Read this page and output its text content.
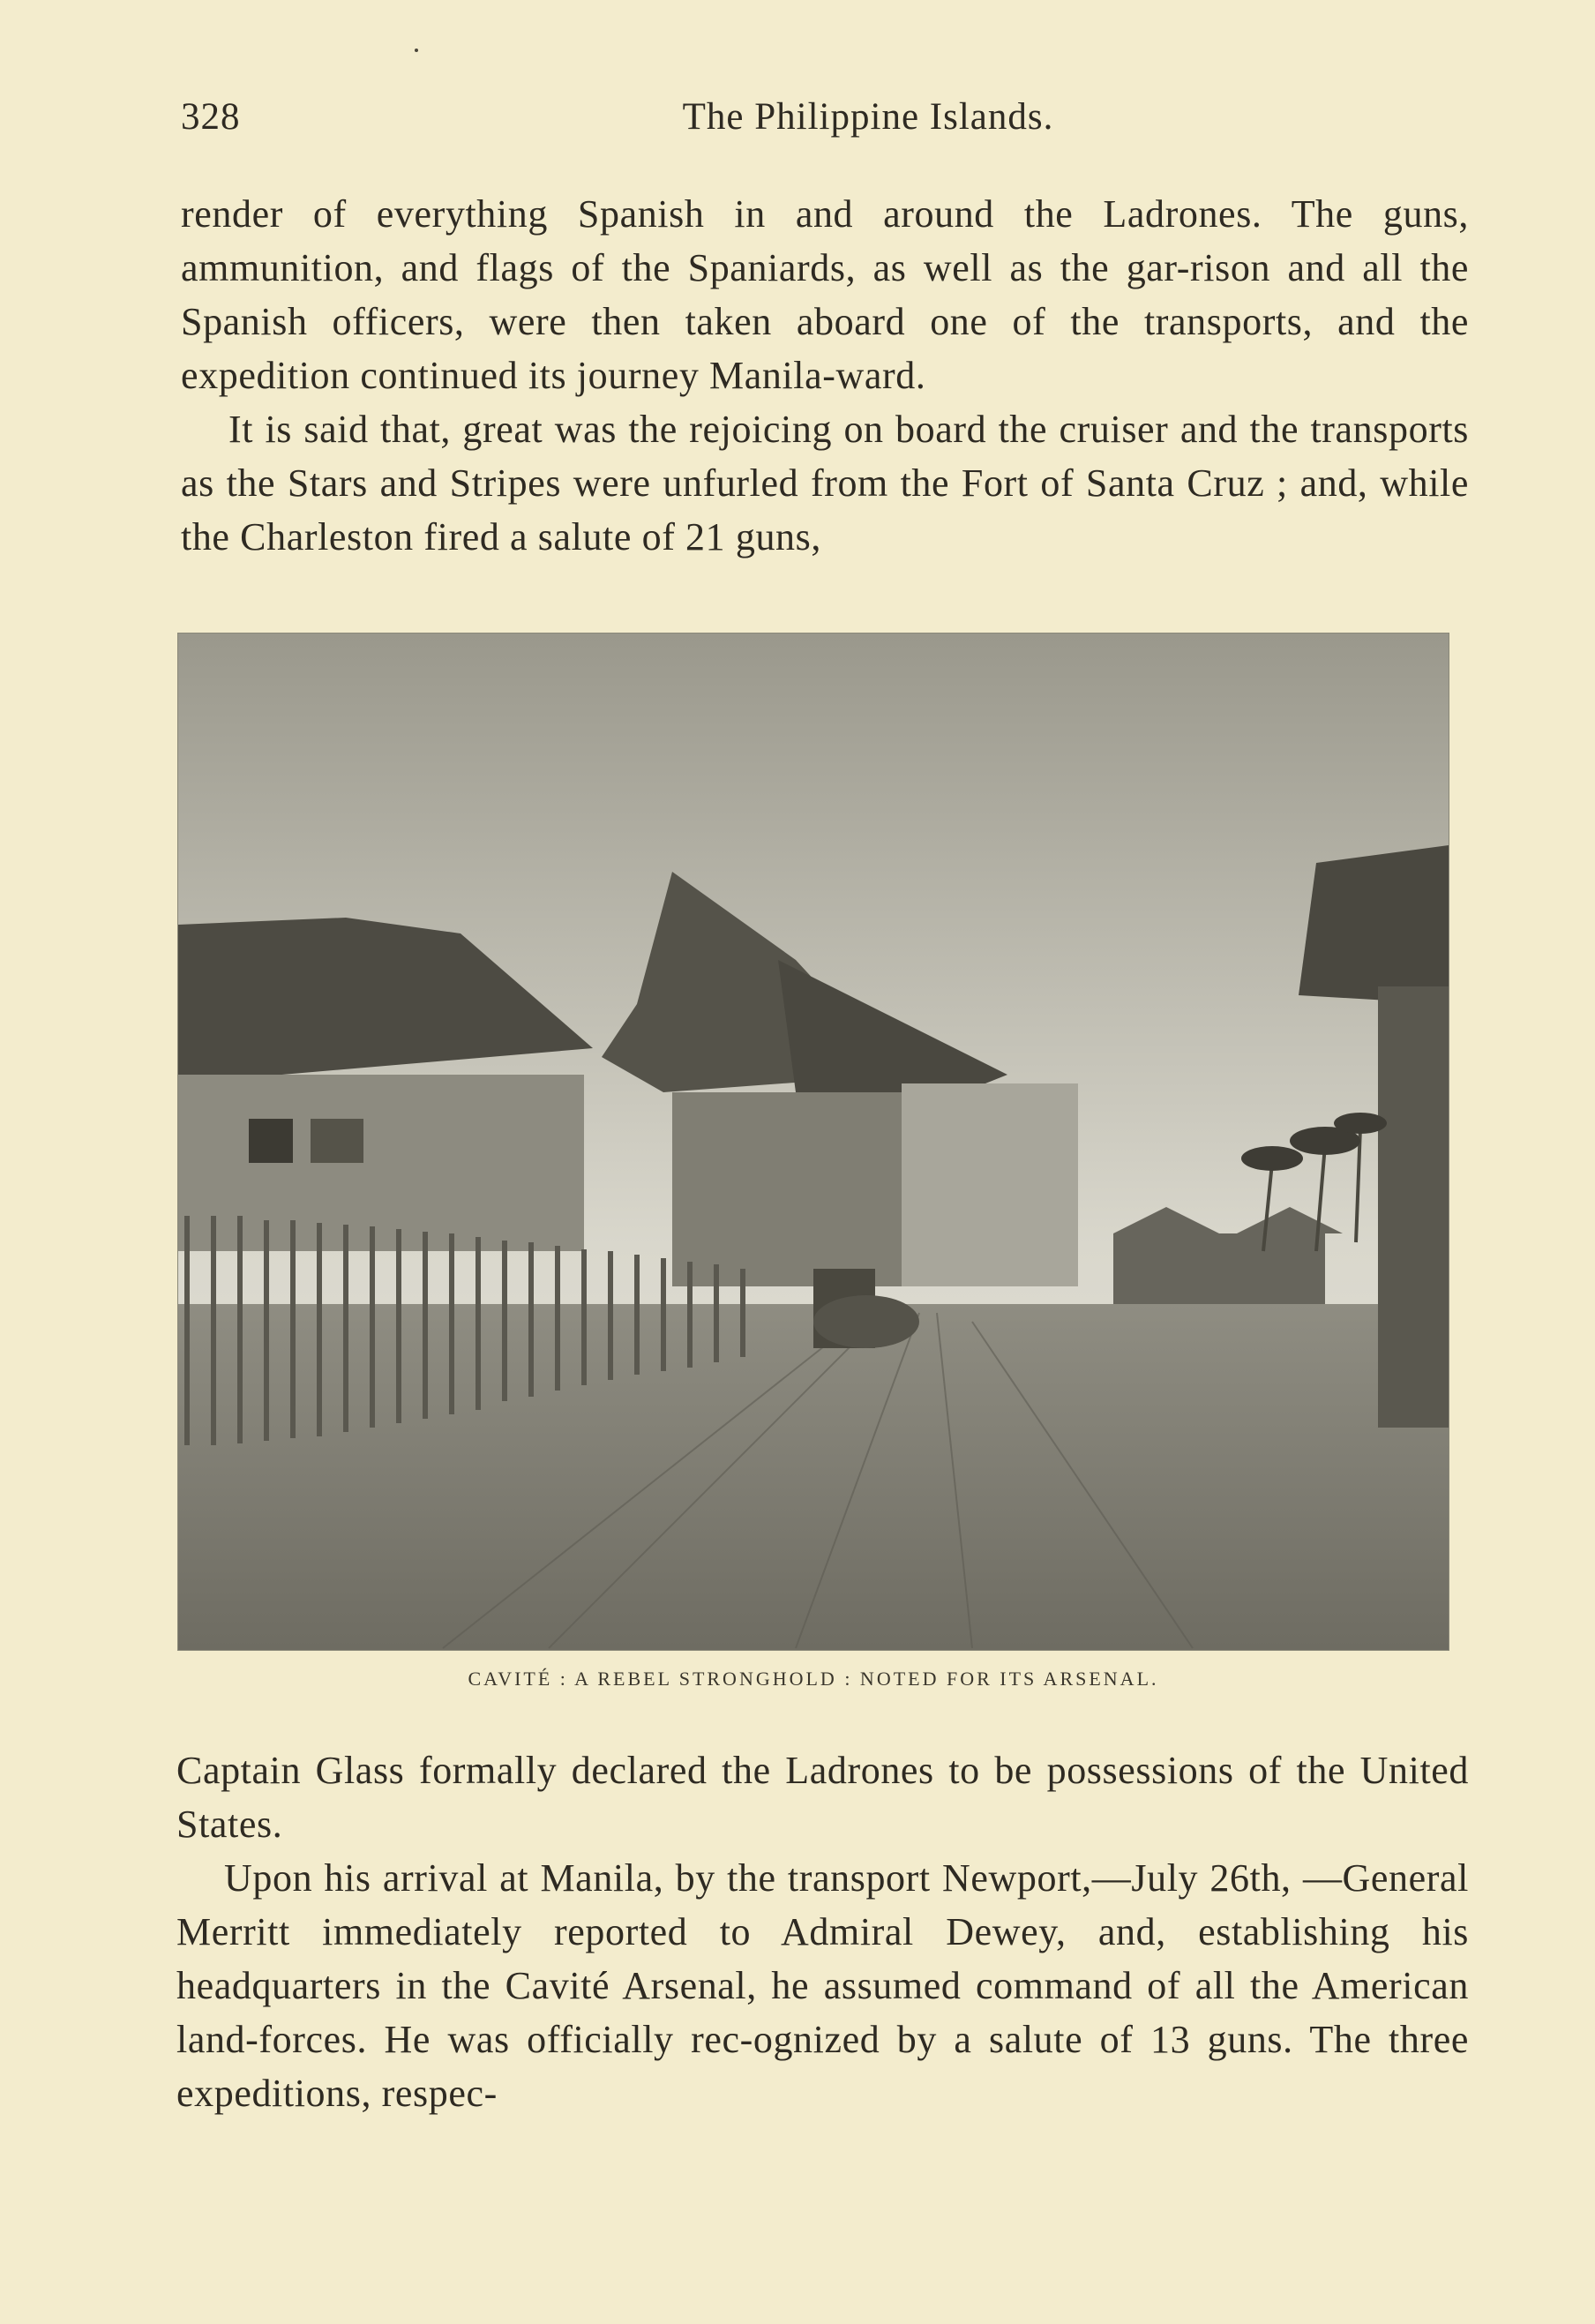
328	The Philippine Islands.

render of everything Spanish in and around the Ladrones. The guns, ammunition, and flags of the Spaniards, as well as the gar-rison and all the Spanish officers, were then taken aboard one of the transports, and the expedition continued its journey Manila-ward.

It is said that, great was the rejoicing on board the cruiser and the transports as the Stars and Stripes were unfurled from the Fort of Santa Cruz ; and, while the Charleston fired a salute of 21 guns,

CAVITÉ : A REBEL STRONGHOLD : NOTED FOR ITS ARSENAL.

Captain Glass formally declared the Ladrones to be possessions of the United States.

Upon his arrival at Manila, by the transport Newport,—July 26th, —General Merritt immediately reported to Admiral Dewey, and, establishing his headquarters in the Cavité Arsenal, he assumed command of all the American land-forces. He was officially rec-ognized by a salute of 13 guns. The three expeditions, respec-
